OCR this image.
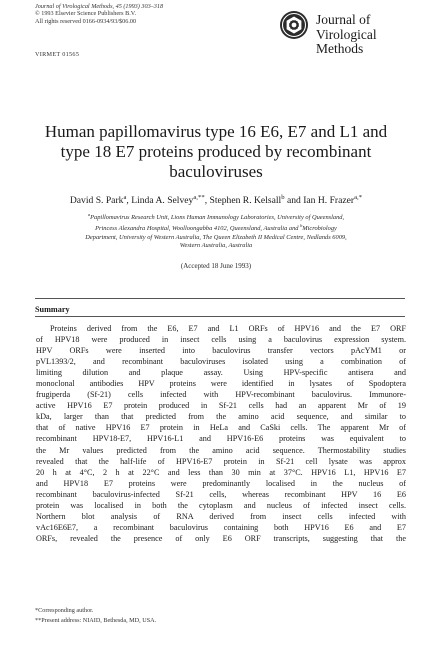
Journal of Virological Methods, 45 (1993) 303–318
© 1993 Elsevier Science Publishers B.V.
All rights reserved 0166-0934/93/$06.00
VIRMET 01565
Journal of
Virological
Methods
Human papillomavirus type 16 E6, E7 and L1 and
type 18 E7 proteins produced by recombinant
baculoviruses
David S. Park$^a$, Linda A. Selvey$^{a,**}$, Stephen R. Kelsall$^b$ and Ian H. Frazer$^{a,*}$
$^a$Papillomavirus Research Unit, Lions Human Immunology Laboratories, University of Queensland,
Princess Alexandra Hospital, Woolloongabba 4102, Queensland, Australia and $^b$Microbiology
Department, University of Western Australia, The Queen Elizabeth II Medical Centre, Nedlands 6009,
Western Australia, Australia
(Accepted 18 June 1993)
Summary
Proteins derived from the E6, E7 and L1 ORFs of HPV16 and the E7 ORF
of HPV18 were produced in insect cells using a baculovirus expression system.
HPV ORFs were inserted into baculovirus transfer vectors pAcYM1 or
pVL1393/2, and recombinant baculoviruses isolated using a combination of
limiting dilution and plaque assay. Using HPV-specific antisera and
monoclonal antibodies HPV proteins were identified in lysates of Spodoptera
frugiperda (Sf-21) cells infected with HPV-recombinant baculovirus. Immunore-
active HPV16 E7 protein produced in Sf-21 cells had an apparent Mr of 19
kDa, larger than that predicted from the amino acid sequence, and similar to
that of native HPV16 E7 protein in HeLa and CaSki cells. The apparent Mr of
recombinant HPV18-E7, HPV16-L1 and HPV16-E6 proteins was equivalent to
the Mr values predicted from the amino acid sequence. Thermostability studies
revealed that the half-life of HPV16-E7 protein in Sf-21 cell lysate was approx
20 h at 4°C, 2 h at 22°C and less than 30 min at 37°C. HPV16 L1, HPV16 E7
and HPV18 E7 proteins were predominantly localised in the nucleus of
recombinant baculovirus-infected Sf-21 cells, whereas recombinant HPV 16 E6
protein was localised in both the cytoplasm and nucleus of infected insect cells.
Northern blot analysis of RNA derived from insect cells infected with
vAc16E6E7, a recombinant baculovirus containing both HPV16 E6 and E7
ORFs, revealed the presence of only E6 ORF transcripts, suggesting that the
*Corresponding author.
**Present address: NIAID, Bethesda, MD, USA.
